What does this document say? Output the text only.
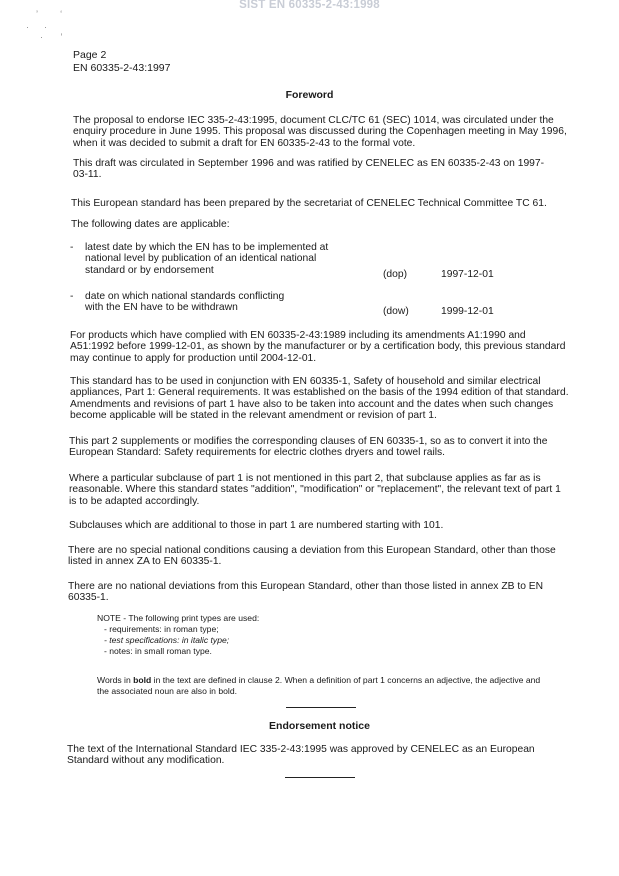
SIST EN 60335-2-43:1998
’         ‘
·      ·
·       ’
Page 2
EN 60335-2-43:1997
Foreword

The proposal to endorse IEC 335-2-43:1995, document CLC/TC 61 (SEC) 1014, was circulated under the enquiry procedure in June 1995. This proposal was discussed during the Copenhagen meeting in May 1996, when it was decided to submit a draft for EN 60335-2-43 to the formal vote.

This draft was circulated in September 1996 and was ratified by CENELEC as EN 60335-2-43 on 1997-03-11.

This European standard has been prepared by the secretariat of CENELEC Technical Committee TC 61.

The following dates are applicable:

- latest date by which the EN has to be implemented at national level by publication of an identical national standard or by endorsement	(dop)	1997-12-01
- date on which national standards conflicting with the EN have to be withdrawn	(dow)	1999-12-01

For products which have complied with EN 60335-2-43:1989 including its amendments A1:1990 and A51:1992 before 1999-12-01, as shown by the manufacturer or by a certification body, this previous standard may continue to apply for production until 2004-12-01.

This standard has to be used in conjunction with EN 60335-1, Safety of household and similar electrical appliances, Part 1: General requirements. It was established on the basis of the 1994 edition of that standard. Amendments and revisions of part 1 have also to be taken into account and the dates when such changes become applicable will be stated in the relevant amendment or revision of part 1.

This part 2 supplements or modifies the corresponding clauses of EN 60335-1, so as to convert it into the European Standard: Safety requirements for electric clothes dryers and towel rails.

Where a particular subclause of part 1 is not mentioned in this part 2, that subclause applies as far as is reasonable. Where this standard states "addition", "modification" or "replacement", the relevant text of part 1 is to be adapted accordingly.

Subclauses which are additional to those in part 1 are numbered starting with 101.

There are no special national conditions causing a deviation from this European Standard, other than those listed in annex ZA to EN 60335-1.

There are no national deviations from this European Standard, other than those listed in annex ZB to EN 60335-1.

NOTE - The following print types are used:
- requirements: in roman type;
- test specifications: in italic type;
- notes: in small roman type.
Words in bold in the text are defined in clause 2. When a definition of part 1 concerns an adjective, the adjective and the associated noun are also in bold.
Endorsement notice

The text of the International Standard IEC 335-2-43:1995 was approved by CENELEC as an European Standard without any modification.
